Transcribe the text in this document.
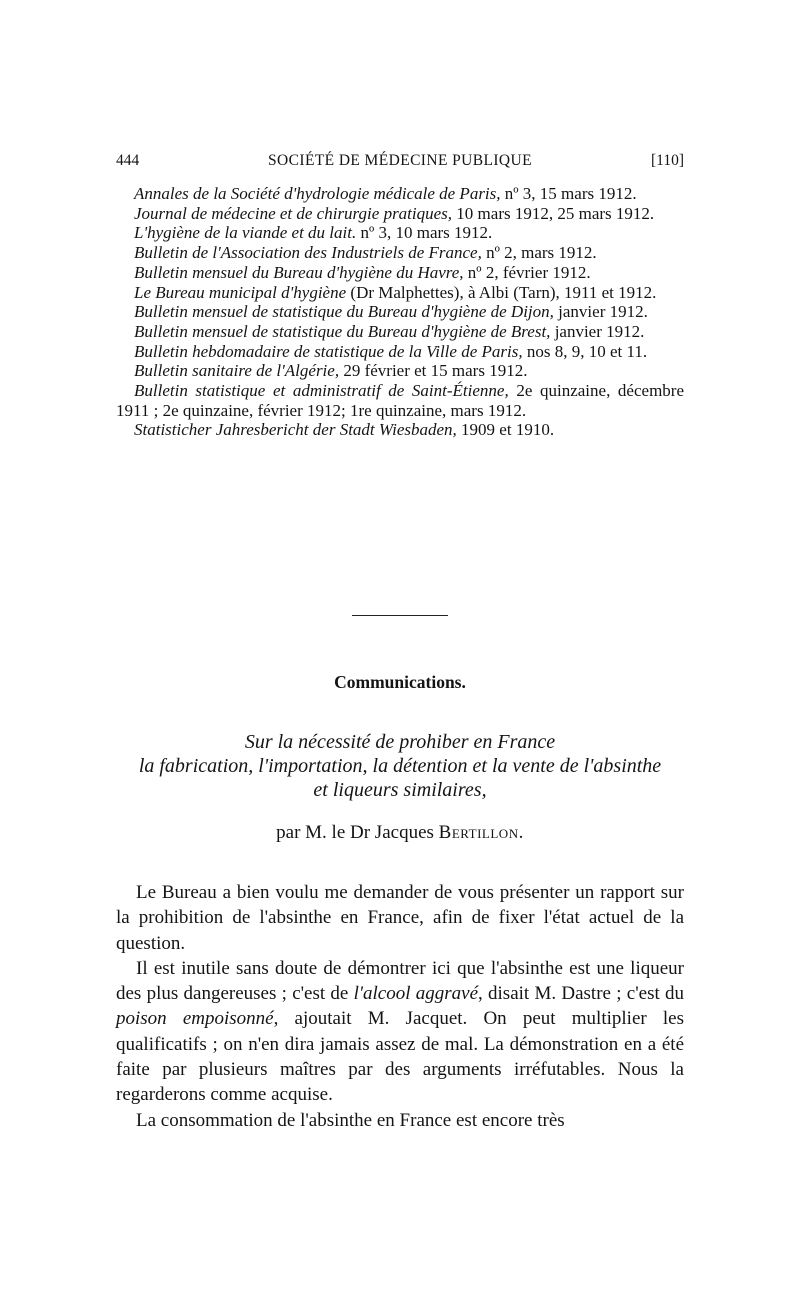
444	SOCIÉTÉ DE MÉDECINE PUBLIQUE	[110]

Annales de la Société d'hydrologie médicale de Paris, nº 3, 15 mars 1912.

Journal de médecine et de chirurgie pratiques, 10 mars 1912, 25 mars 1912.

L'hygiène de la viande et du lait. nº 3, 10 mars 1912.

Bulletin de l'Association des Industriels de France, nº 2, mars 1912.

Bulletin mensuel du Bureau d'hygiène du Havre, nº 2, février 1912.

Le Bureau municipal d'hygiène (Dr Malphettes), à Albi (Tarn), 1911 et 1912.

Bulletin mensuel de statistique du Bureau d'hygiène de Dijon, janvier 1912.

Bulletin mensuel de statistique du Bureau d'hygiène de Brest, janvier 1912.

Bulletin hebdomadaire de statistique de la Ville de Paris, nos 8, 9, 10 et 11.

Bulletin sanitaire de l'Algérie, 29 février et 15 mars 1912.

Bulletin statistique et administratif de Saint-Étienne, 2e quinzaine, décembre 1911 ; 2e quinzaine, février 1912; 1re quinzaine, mars 1912.

Statisticher Jahresbericht der Stadt Wiesbaden, 1909 et 1910.

Communications.
Sur la nécessité de prohiber en France
la fabrication, l'importation, la détention et la vente de l'absinthe
et liqueurs similaires,
par M. le Dr Jacques Bertillon.

Le Bureau a bien voulu me demander de vous présenter un rapport sur la prohibition de l'absinthe en France, afin de fixer l'état actuel de la question.

Il est inutile sans doute de démontrer ici que l'absinthe est une liqueur des plus dangereuses ; c'est de l'alcool aggravé, disait M. Dastre ; c'est du poison empoisonné, ajoutait M. Jacquet. On peut multiplier les qualificatifs ; on n'en dira jamais assez de mal. La démonstration en a été faite par plusieurs maîtres par des arguments irréfutables. Nous la regarderons comme acquise.

La consommation de l'absinthe en France est encore très
